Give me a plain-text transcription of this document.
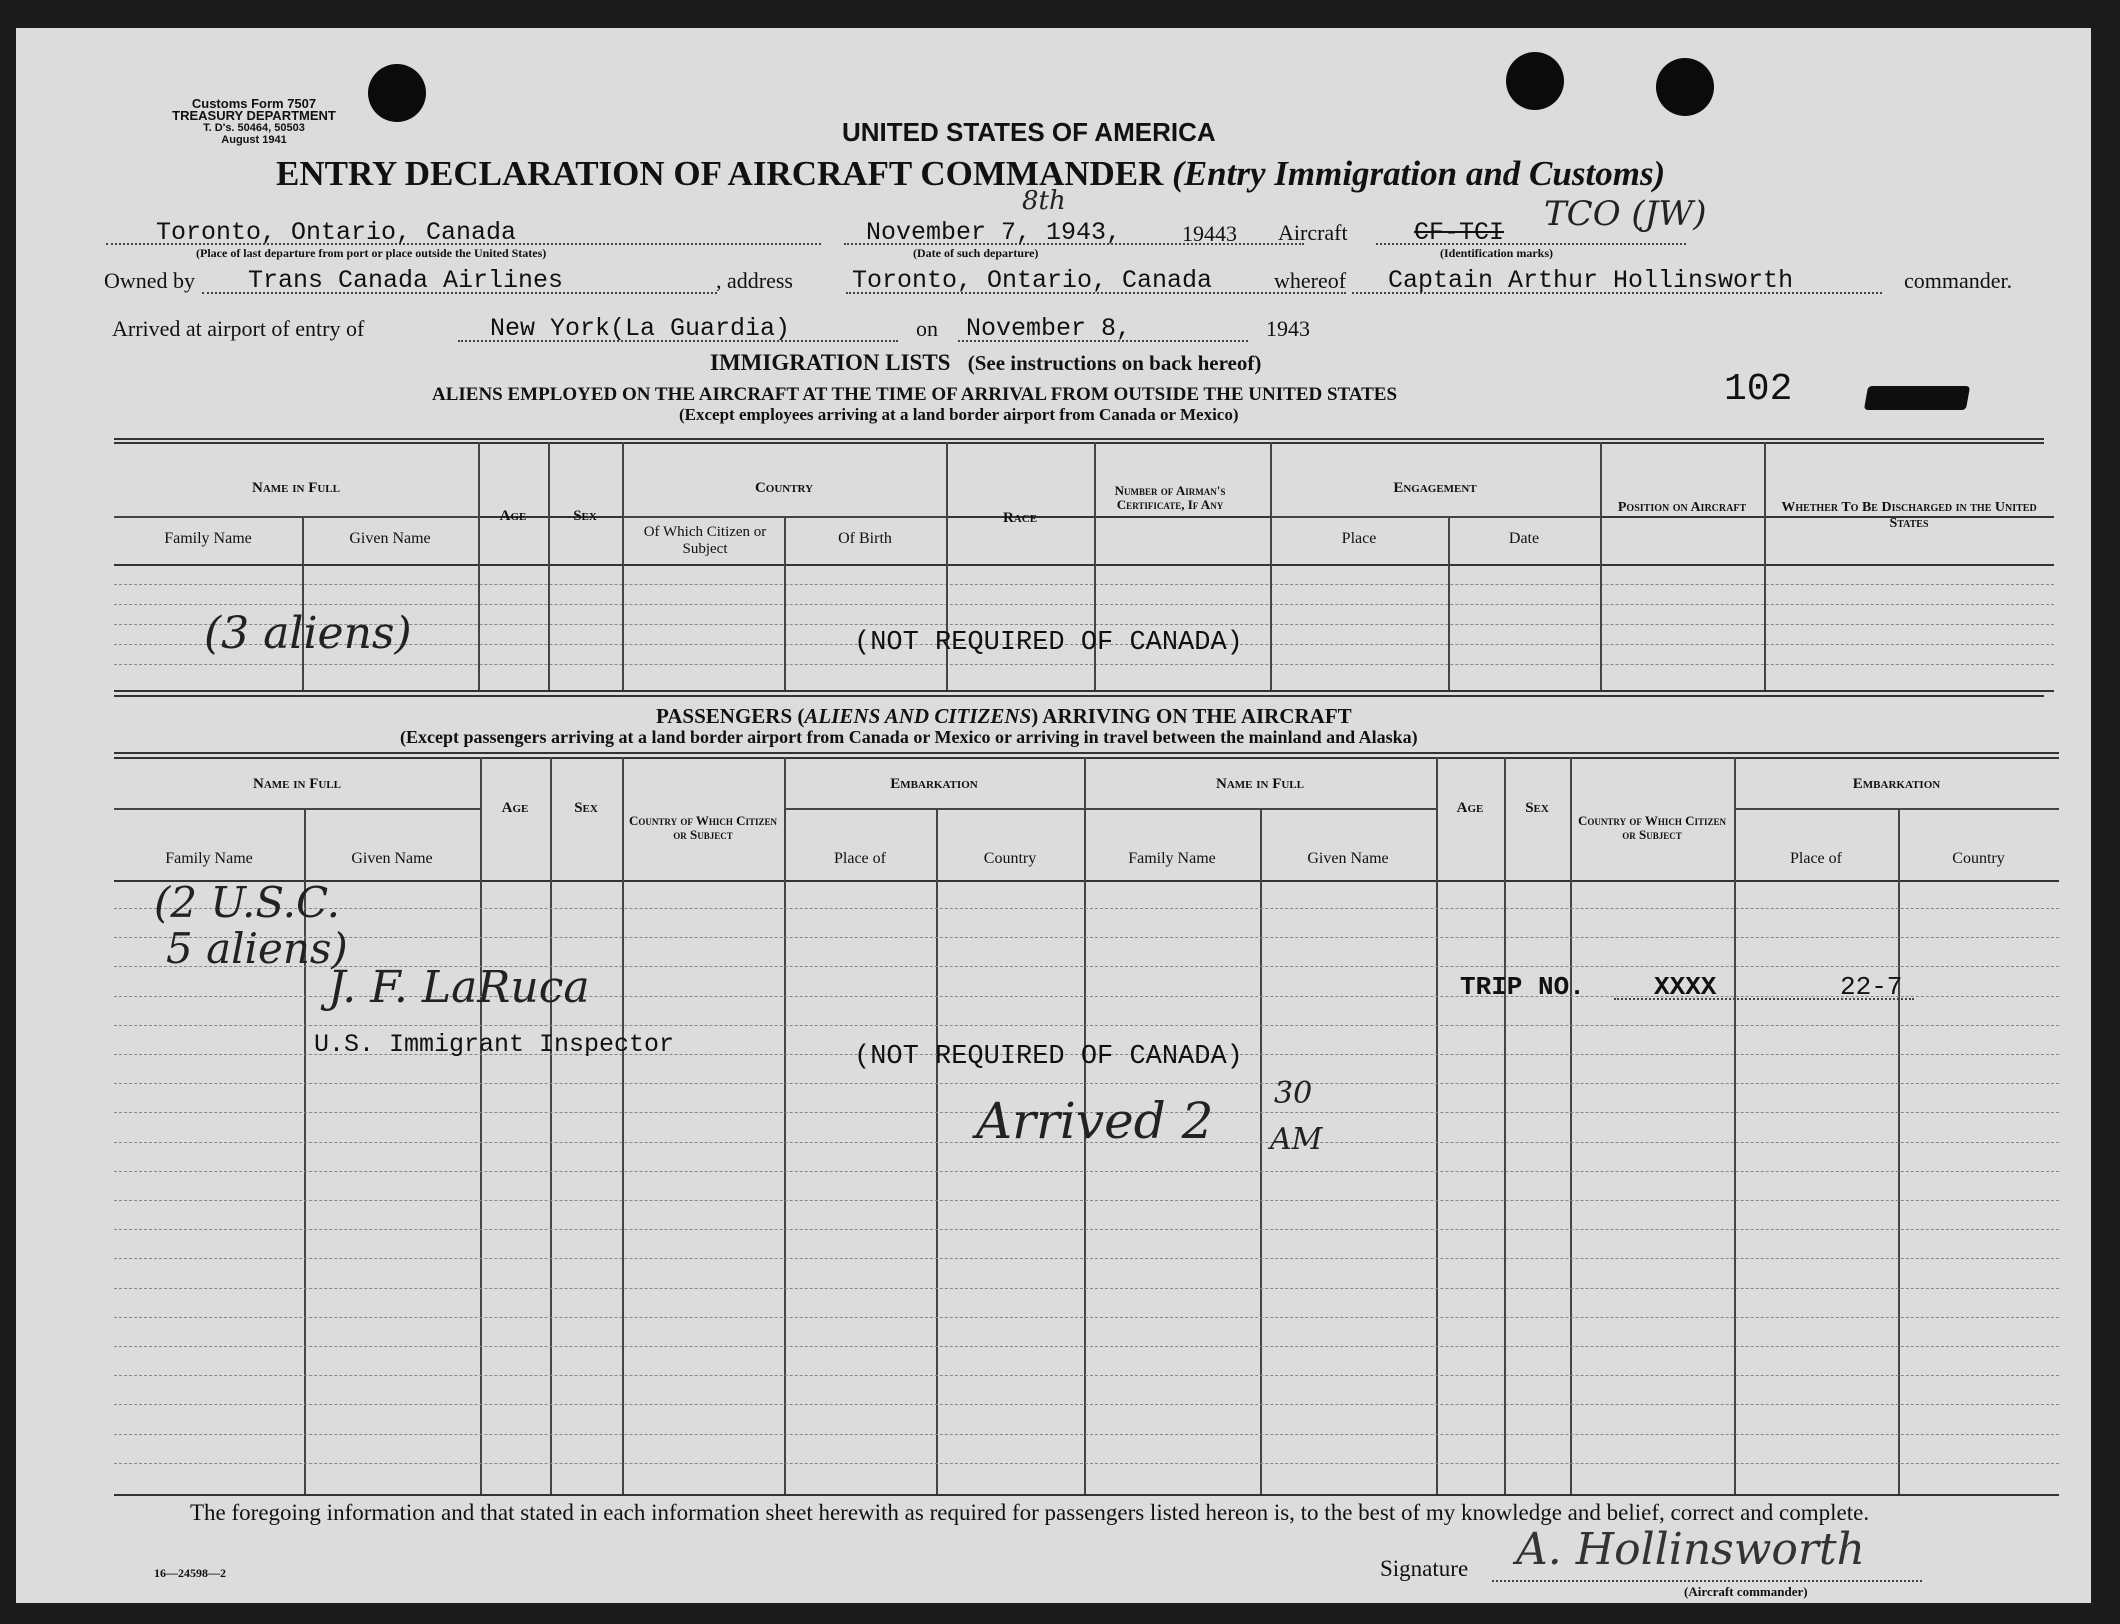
Customs Form 7507
TREASURY DEPARTMENT
T. D's. 50464, 50503
August 1941	UNITED STATES OF AMERICA
ENTRY DECLARATION OF AIRCRAFT COMMANDER (Entry Immigration and Customs)
Toronto, Ontario, Canada
(Place of last departure from port or place outside the United States)
November 7, 1943,
8th
19443
(Date of such departure)
Aircraft	CF-TCI TCO (JW)
(Identification marks)
Owned by Trans Canada Airlines	, address Toronto, Ontario, Canada	whereof Captain Arthur Hollinsworth	commander.
Arrived at airport of entry of	New York(La Guardia)	on November 8,	1943
IMMIGRATION LISTS (See instructions on back hereof)
ALIENS EMPLOYED ON THE AIRCRAFT AT THE TIME OF ARRIVAL FROM OUTSIDE THE UNITED STATES
(Except employees arriving at a land border airport from Canada or Mexico)
102
Name in Full
Family Name	Given Name
Age	Sex
Country
Of Which Citizen or Subject
Of Birth
Race
Number of Airman's Certificate, If Any
Engagement
Place	Date
Position on Aircraft	Whether To Be Discharged in the United States
(NOT REQUIRED OF CANADA)
(3 aliens)
PASSENGERS (ALIENS AND CITIZENS) ARRIVING ON THE AIRCRAFT
(Except passengers arriving at a land border airport from Canada or Mexico or arriving in travel between the mainland and Alaska)
Name in Full
Family Name	Given Name
Age	Sex
Country of Which Citizen or Subject
Embarkation
Place of	Country
Name in Full
Family Name	Given Name
Age	Sex
Country of Which Citizen or Subject
Embarkation
Place of	Country
(2 U.S.C.
5 aliens)
J. F. LaRuca
U.S. Immigrant Inspector	(NOT REQUIRED OF CANADA)
Arrived 2 30
AM
TRIP NO.	XXXX	22-7
The foregoing information and that stated in each information sheet herewith as required for passengers listed hereon is, to the best of my knowledge and belief, correct and complete.
16—24598—2	Signature A. Hollinsworth
(Aircraft commander)
